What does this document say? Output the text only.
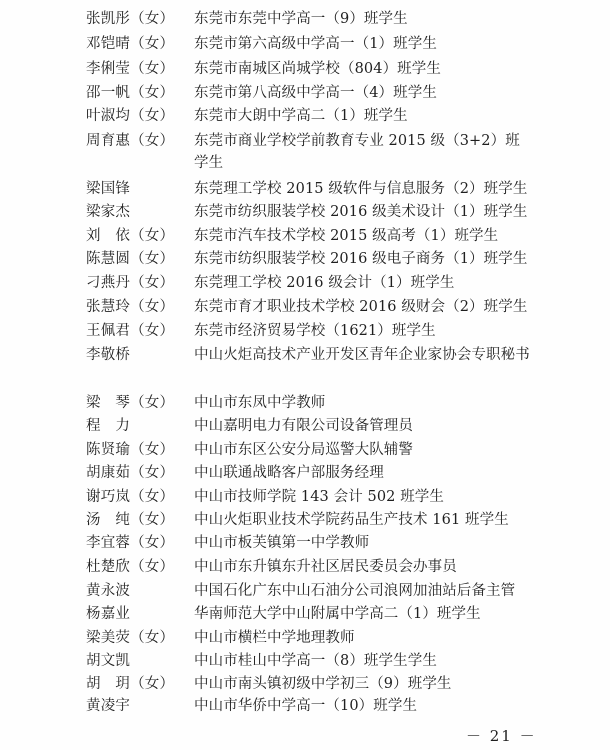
张凯彤（女） 东莞市东莞中学高一（9）班学生
邓铠晴（女） 东莞市第六高级中学高一（1）班学生
李俐莹（女） 东莞市南城区尚城学校（804）班学生
邵一帆（女） 东莞市第八高级中学高一（4）班学生
叶淑均（女） 东莞市大朗中学高二（1）班学生
周育惠（女） 东莞市商业学校学前教育专业 2015 级（3+2）班学生
梁国锋	东莞理工学校 2015 级软件与信息服务（2）班学生
梁家杰	东莞市纺织服装学校 2016 级美术设计（1）班学生
刘　依（女） 东莞市汽车技术学校 2015 级高考（1）班学生
陈慧圆（女） 东莞市纺织服装学校 2016 级电子商务（1）班学生
刁燕丹（女） 东莞理工学校 2016 级会计（1）班学生
张慧玲（女） 东莞市育才职业技术学校 2016 级财会（2）班学生
王佩君（女） 东莞市经济贸易学校（1621）班学生
李敬桥	中山火炬高技术产业开发区青年企业家协会专职秘书
梁　琴（女） 中山市东凤中学教师
程　力	中山嘉明电力有限公司设备管理员
陈贤瑜（女） 中山市东区公安分局巡警大队辅警
胡康茹（女） 中山联通战略客户部服务经理
谢巧岚（女） 中山市技师学院 143 会计 502 班学生
汤　纯（女） 中山火炬职业技术学院药品生产技术 161 班学生
李宜蓉（女） 中山市板芙镇第一中学教师
杜楚欣（女） 中山市东升镇东升社区居民委员会办事员
黄永波	中国石化广东中山石油分公司浪网加油站后备主管
杨嘉业	华南师范大学中山附属中学高二（1）班学生
梁美荧（女） 中山市横栏中学地理教师
胡文凯	中山市桂山中学高一（8）班学生学生
胡　玥（女） 中山市南头镇初级中学初三（9）班学生
黄凌宇	中山市华侨中学高一（10）班学生
－ 21 －
